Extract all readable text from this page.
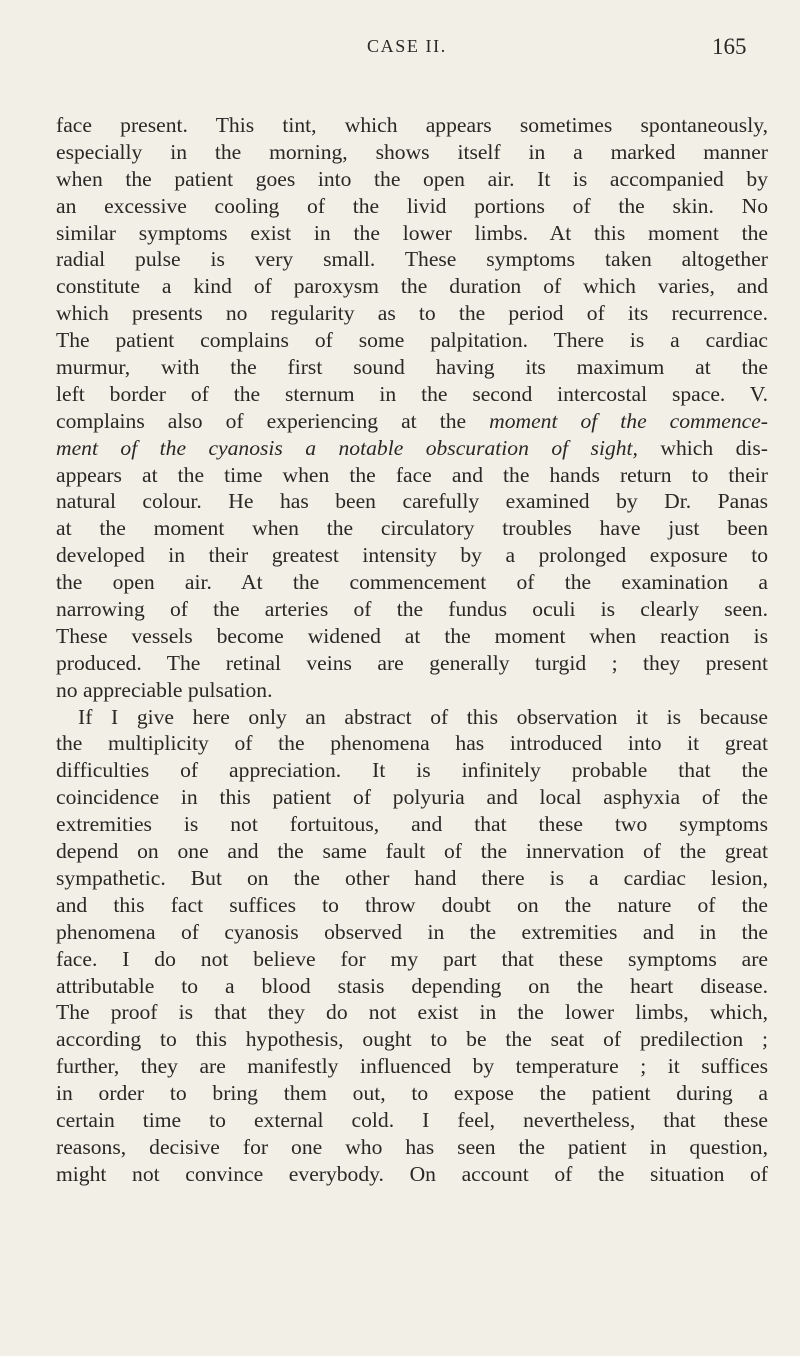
CASE II.	165
face present. This tint, which appears sometimes spontaneously,
especially in the morning, shows itself in a marked manner
when the patient goes into the open air. It is accompanied by
an excessive cooling of the livid portions of the skin. No
similar symptoms exist in the lower limbs. At this moment the
radial pulse is very small. These symptoms taken altogether
constitute a kind of paroxysm the duration of which varies, and
which presents no regularity as to the period of its recurrence.
The patient complains of some palpitation. There is a cardiac
murmur, with the first sound having its maximum at the
left border of the sternum in the second intercostal space. V.
complains also of experiencing at the moment of the commence-
ment of the cyanosis a notable obscuration of sight, which dis-
appears at the time when the face and the hands return to their
natural colour. He has been carefully examined by Dr. Panas
at the moment when the circulatory troubles have just been
developed in their greatest intensity by a prolonged exposure to
the open air. At the commencement of the examination a
narrowing of the arteries of the fundus oculi is clearly seen.
These vessels become widened at the moment when reaction is
produced. The retinal veins are generally turgid ; they present
no appreciable pulsation.
If I give here only an abstract of this observation it is because
the multiplicity of the phenomena has introduced into it great
difficulties of appreciation. It is infinitely probable that the
coincidence in this patient of polyuria and local asphyxia of the
extremities is not fortuitous, and that these two symptoms
depend on one and the same fault of the innervation of the great
sympathetic. But on the other hand there is a cardiac lesion,
and this fact suffices to throw doubt on the nature of the
phenomena of cyanosis observed in the extremities and in the
face. I do not believe for my part that these symptoms are
attributable to a blood stasis depending on the heart disease.
The proof is that they do not exist in the lower limbs, which,
according to this hypothesis, ought to be the seat of predilection ;
further, they are manifestly influenced by temperature ; it suffices
in order to bring them out, to expose the patient during a
certain time to external cold. I feel, nevertheless, that these
reasons, decisive for one who has seen the patient in question,
might not convince everybody. On account of the situation of
